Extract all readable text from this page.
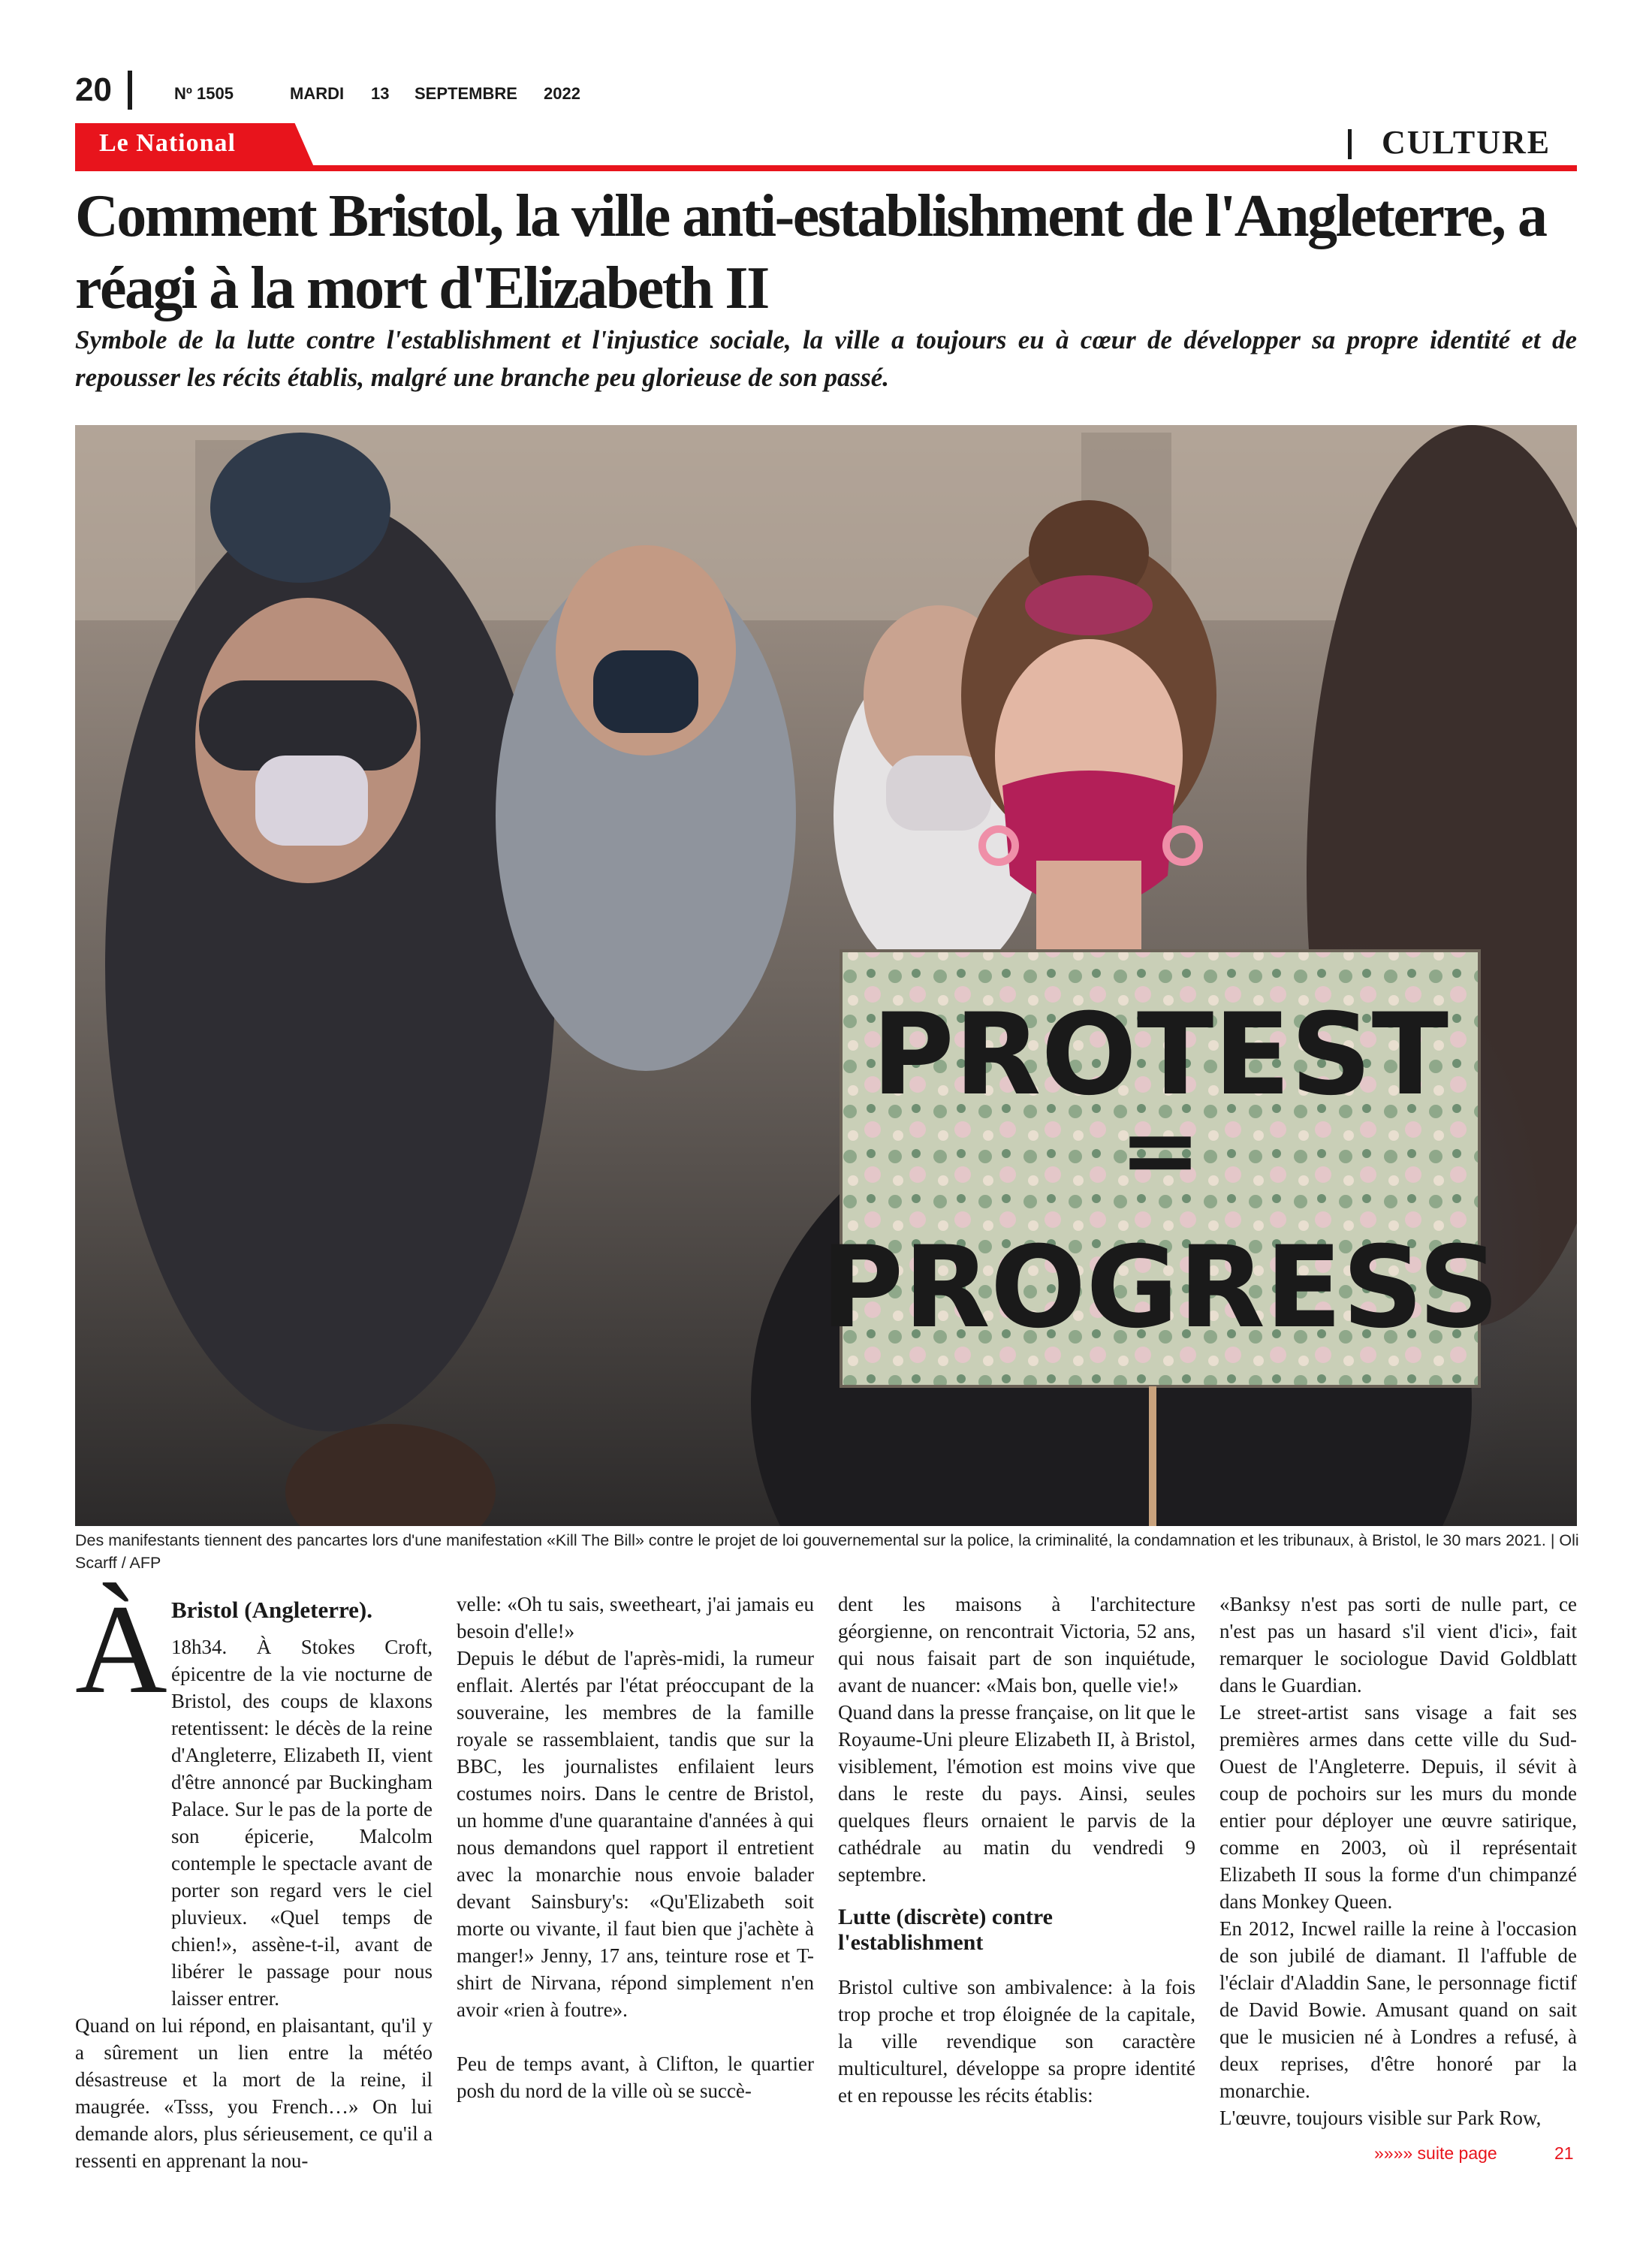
20	Nº 1505	MARDI 13 SEPTEMBRE 2022
Le National	CULTURE
Comment Bristol, la ville anti-establishment de l'Angleterre, a réagi à la mort d'Elizabeth II
Symbole de la lutte contre l'establishment et l'injustice sociale, la ville a toujours eu à cœur de développer sa propre identité et de repousser les récits établis, malgré une branche peu glorieuse de son passé.
PROTEST
=
PROGRESS
Des manifestants tiennent des pancartes lors d'une manifestation «Kill The Bill» contre le projet de loi gouvernemental sur la police, la criminalité, la condamnation et les tribunaux, à Bristol, le 30 mars 2021. | Oli Scarff / AFP
À Bristol (Angleterre).

18h34. À Stokes Croft, épicentre de la vie nocturne de Bristol, des coups de klaxons retentissent: le décès de la reine d'Angleterre, Elizabeth II, vient d'être annoncé par Buckingham Palace. Sur le pas de la porte de son épicerie, Malcolm contemple le spectacle avant de porter son regard vers le ciel pluvieux. «Quel temps de chien!», assène-t-il, avant de libérer le passage pour nous laisser entrer.

Quand on lui répond, en plaisantant, qu'il y a sûrement un lien entre la météo désastreuse et la mort de la reine, il maugrée. «Tsss, you French…» On lui demande alors, plus sérieusement, ce qu'il a ressenti en apprenant la nou-

velle: «Oh tu sais, sweetheart, j'ai jamais eu besoin d'elle!»

Depuis le début de l'après-midi, la rumeur enflait. Alertés par l'état préoccupant de la souveraine, les membres de la famille royale se rassemblaient, tandis que sur la BBC, les journalistes enfilaient leurs costumes noirs. Dans le centre de Bristol, un homme d'une quarantaine d'années à qui nous demandons quel rapport il entretient avec la monarchie nous envoie balader devant Sainsbury's: «Qu'Elizabeth soit morte ou vivante, il faut bien que j'achète à manger!» Jenny, 17 ans, teinture rose et T-shirt de Nirvana, répond simplement n'en avoir «rien à foutre».

Peu de temps avant, à Clifton, le quartier posh du nord de la ville où se succè-

dent les maisons à l'architecture géorgienne, on rencontrait Victoria, 52 ans, qui nous faisait part de son inquiétude, avant de nuancer: «Mais bon, quelle vie!»

Quand dans la presse française, on lit que le Royaume-Uni pleure Elizabeth II, à Bristol, visiblement, l'émotion est moins vive que dans le reste du pays. Ainsi, seules quelques fleurs ornaient le parvis de la cathédrale au matin du vendredi 9 septembre.

Lutte (discrète) contre l'establishment

Bristol cultive son ambivalence: à la fois trop proche et trop éloignée de la capitale, la ville revendique son caractère multiculturel, développe sa propre identité et en repousse les récits établis:

«Banksy n'est pas sorti de nulle part, ce n'est pas un hasard s'il vient d'ici», fait remarquer le sociologue David Goldblatt dans le Guardian.

Le street-artist sans visage a fait ses premières armes dans cette ville du Sud-Ouest de l'Angleterre. Depuis, il sévit à coup de pochoirs sur les murs du monde entier pour déployer une œuvre satirique, comme en 2003, où il représentait Elizabeth II sous la forme d'un chimpanzé dans Monkey Queen.

En 2012, Incwel raille la reine à l'occasion de son jubilé de diamant. Il l'affuble de l'éclair d'Aladdin Sane, le personnage fictif de David Bowie. Amusant quand on sait que le musicien né à Londres a refusé, à deux reprises, d'être honoré par la monarchie.

L'œuvre, toujours visible sur Park Row,

»»»» suite page	21
